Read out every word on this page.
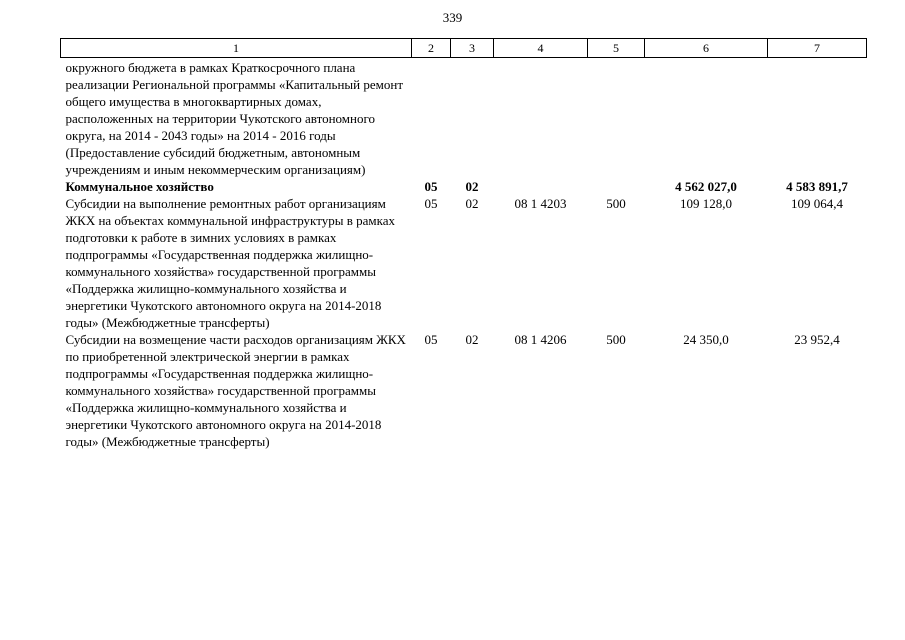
339
1	2	3	4	5	6	7
окружного бюджета в рамках Краткосрочного плана реализации Региональной программы «Капитальный ремонт общего имущества в многоквартирных домах, расположенных на территории Чукотского автономного округа, на 2014 - 2043 годы» на 2014 - 2016 годы (Предоставление субсидий бюджетным, автономным учреждениям и иным некоммерческим организациям)						
Коммунальное хозяйство	05	02			4 562 027,0	4 583 891,7
Субсидии на выполнение ремонтных работ организациям ЖКХ на объектах коммунальной инфраструктуры в рамках подготовки к работе в зимних условиях в рамках подпрограммы «Государственная поддержка жилищно-коммунального хозяйства» государственной программы «Поддержка жилищно-коммунального хозяйства и энергетики Чукотского автономного округа на 2014-2018 годы» (Межбюджетные трансферты)	05	02	08 1 4203	500	109 128,0	109 064,4
Субсидии на возмещение части расходов организациям ЖКХ по приобретенной электрической энергии в рамках подпрограммы «Государственная поддержка жилищно-коммунального хозяйства» государственной программы «Поддержка жилищно-коммунального хозяйства и энергетики Чукотского автономного округа на 2014-2018 годы» (Межбюджетные трансферты)	05	02	08 1 4206	500	24 350,0	23 952,4
